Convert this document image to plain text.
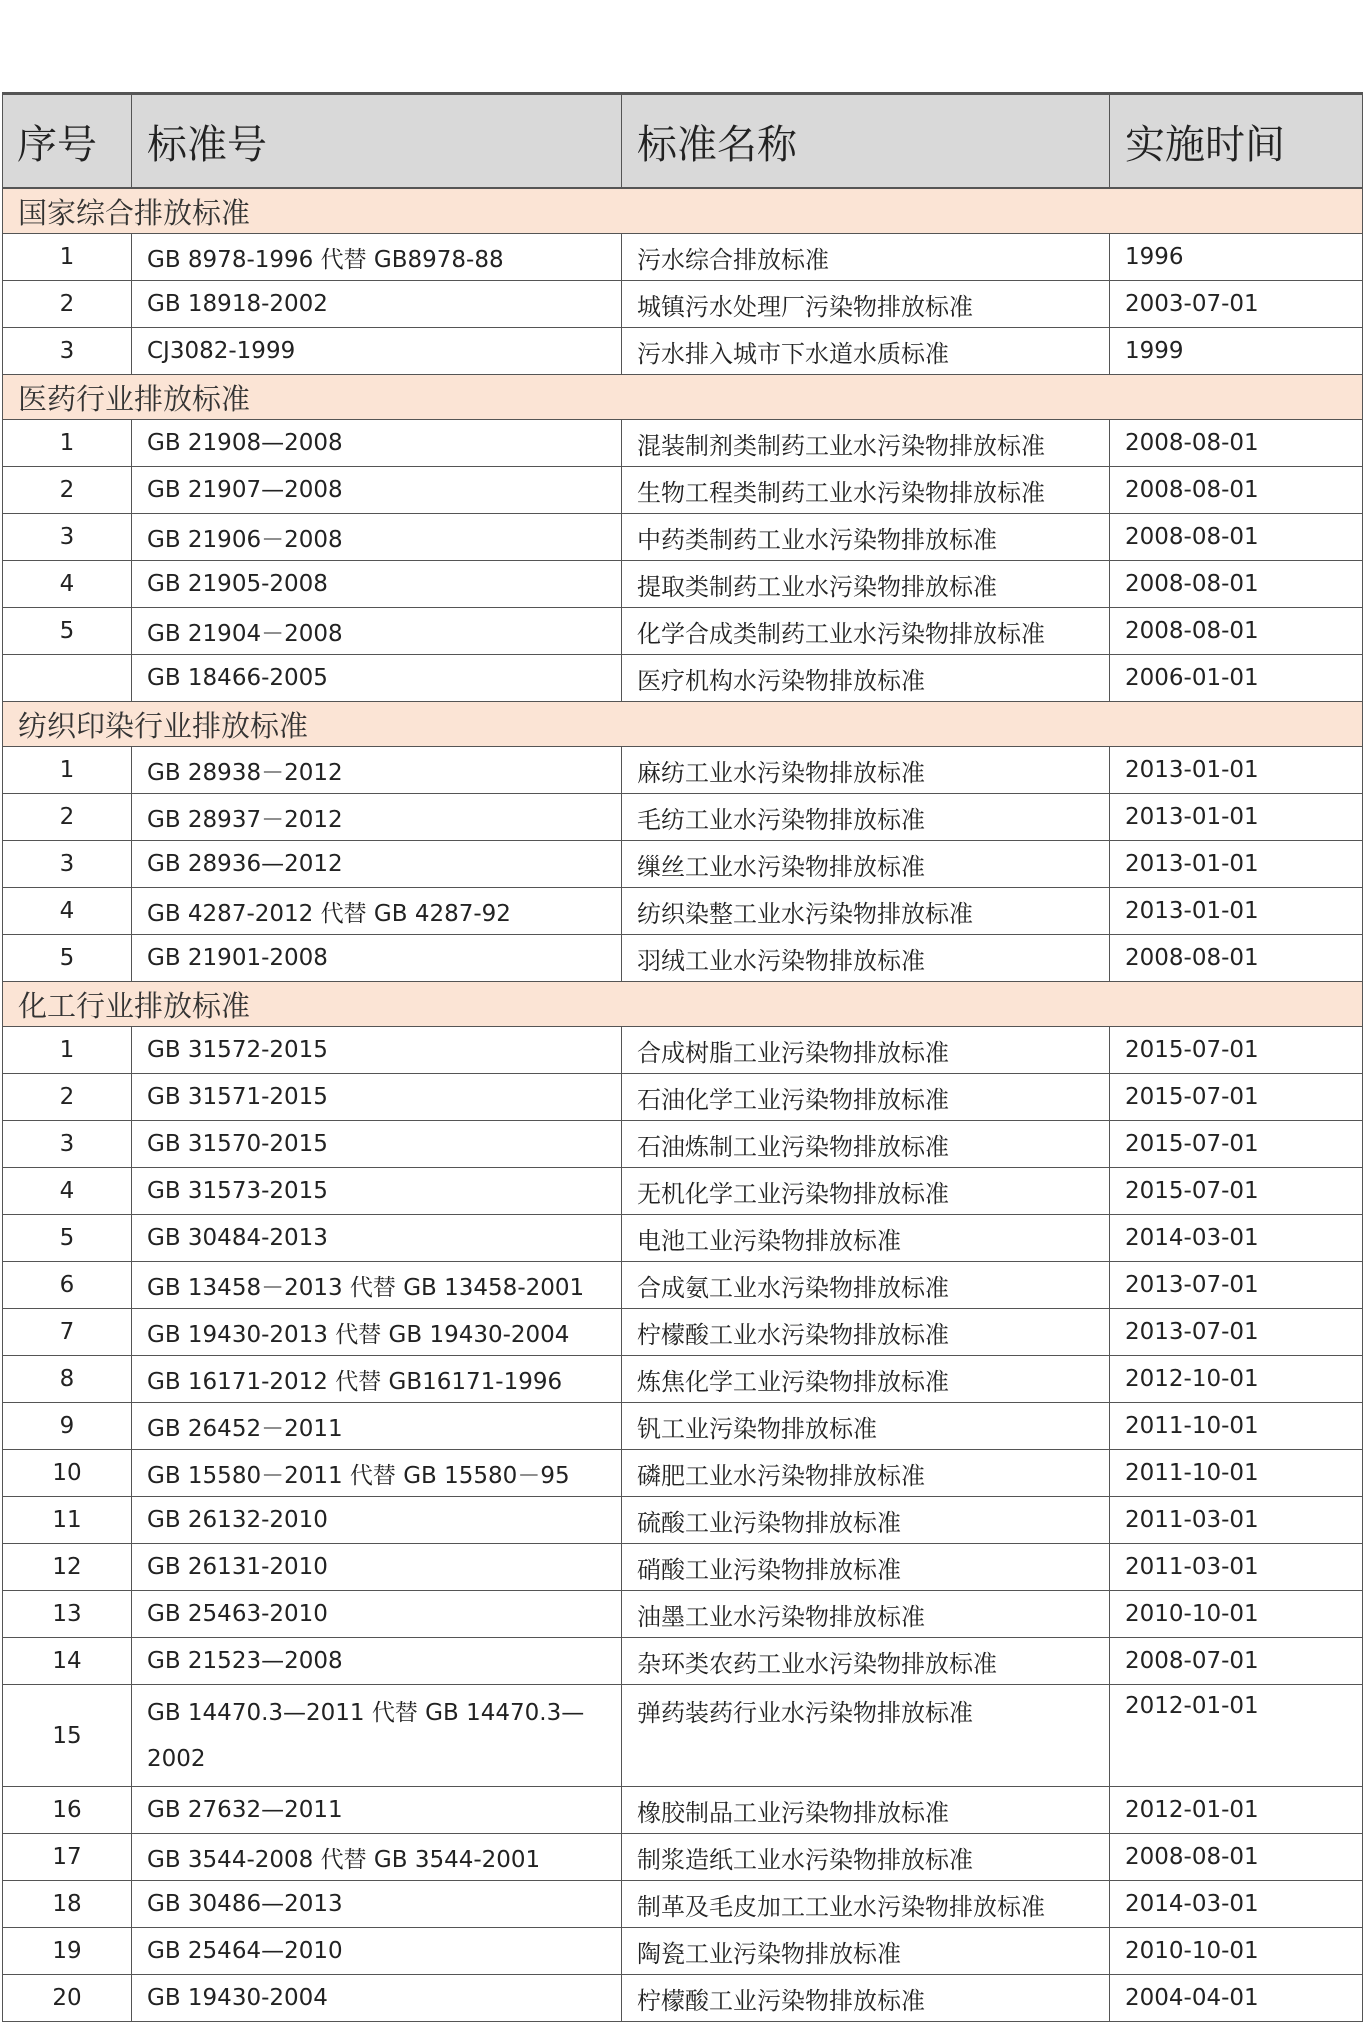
序号	标准号	标准名称	实施时间
国家综合排放标准			
1	GB 8978-1996 代替 GB8978-88	污水综合排放标准	1996
2	GB 18918-2002	城镇污水处理厂污染物排放标准	2003-07-01
3	CJ3082-1999	污水排入城市下水道水质标准	1999
医药行业排放标准			
1	GB 21908—2008	混装制剂类制药工业水污染物排放标准	2008-08-01
2	GB 21907—2008	生物工程类制药工业水污染物排放标准	2008-08-01
3	GB 21906－2008	中药类制药工业水污染物排放标准	2008-08-01
4	GB 21905-2008	提取类制药工业水污染物排放标准	2008-08-01
5	GB 21904－2008	化学合成类制药工业水污染物排放标准	2008-08-01
	GB 18466-2005	医疗机构水污染物排放标准	2006-01-01
纺织印染行业排放标准			
1	GB 28938－2012	麻纺工业水污染物排放标准	2013-01-01
2	GB 28937－2012	毛纺工业水污染物排放标准	2013-01-01
3	GB 28936—2012	缫丝工业水污染物排放标准	2013-01-01
4	GB 4287-2012 代替 GB 4287-92	纺织染整工业水污染物排放标准	2013-01-01
5	GB 21901-2008	羽绒工业水污染物排放标准	2008-08-01
化工行业排放标准			
1	GB 31572-2015	合成树脂工业污染物排放标准	2015-07-01
2	GB 31571-2015	石油化学工业污染物排放标准	2015-07-01
3	GB 31570-2015	石油炼制工业污染物排放标准	2015-07-01
4	GB 31573-2015	无机化学工业污染物排放标准	2015-07-01
5	GB 30484-2013	电池工业污染物排放标准	2014-03-01
6	GB 13458－2013 代替 GB 13458-2001	合成氨工业水污染物排放标准	2013-07-01
7	GB 19430-2013 代替 GB 19430-2004	柠檬酸工业水污染物排放标准	2013-07-01
8	GB 16171-2012 代替 GB16171-1996	炼焦化学工业污染物排放标准	2012-10-01
9	GB 26452－2011	钒工业污染物排放标准	2011-10-01
10	GB 15580－2011 代替 GB 15580－95	磷肥工业水污染物排放标准	2011-10-01
11	GB 26132-2010	硫酸工业污染物排放标准	2011-03-01
12	GB 26131-2010	硝酸工业污染物排放标准	2011-03-01
13	GB 25463-2010	油墨工业水污染物排放标准	2010-10-01
14	GB 21523—2008	杂环类农药工业水污染物排放标准	2008-07-01
15	GB 14470.3—2011 代替 GB 14470.3—2002	弹药装药行业水污染物排放标准	2012-01-01
16	GB 27632—2011	橡胶制品工业污染物排放标准	2012-01-01
17	GB 3544-2008 代替 GB 3544-2001	制浆造纸工业水污染物排放标准	2008-08-01
18	GB 30486—2013	制革及毛皮加工工业水污染物排放标准	2014-03-01
19	GB 25464—2010	陶瓷工业污染物排放标准	2010-10-01
20	GB 19430-2004	柠檬酸工业污染物排放标准	2004-04-01
